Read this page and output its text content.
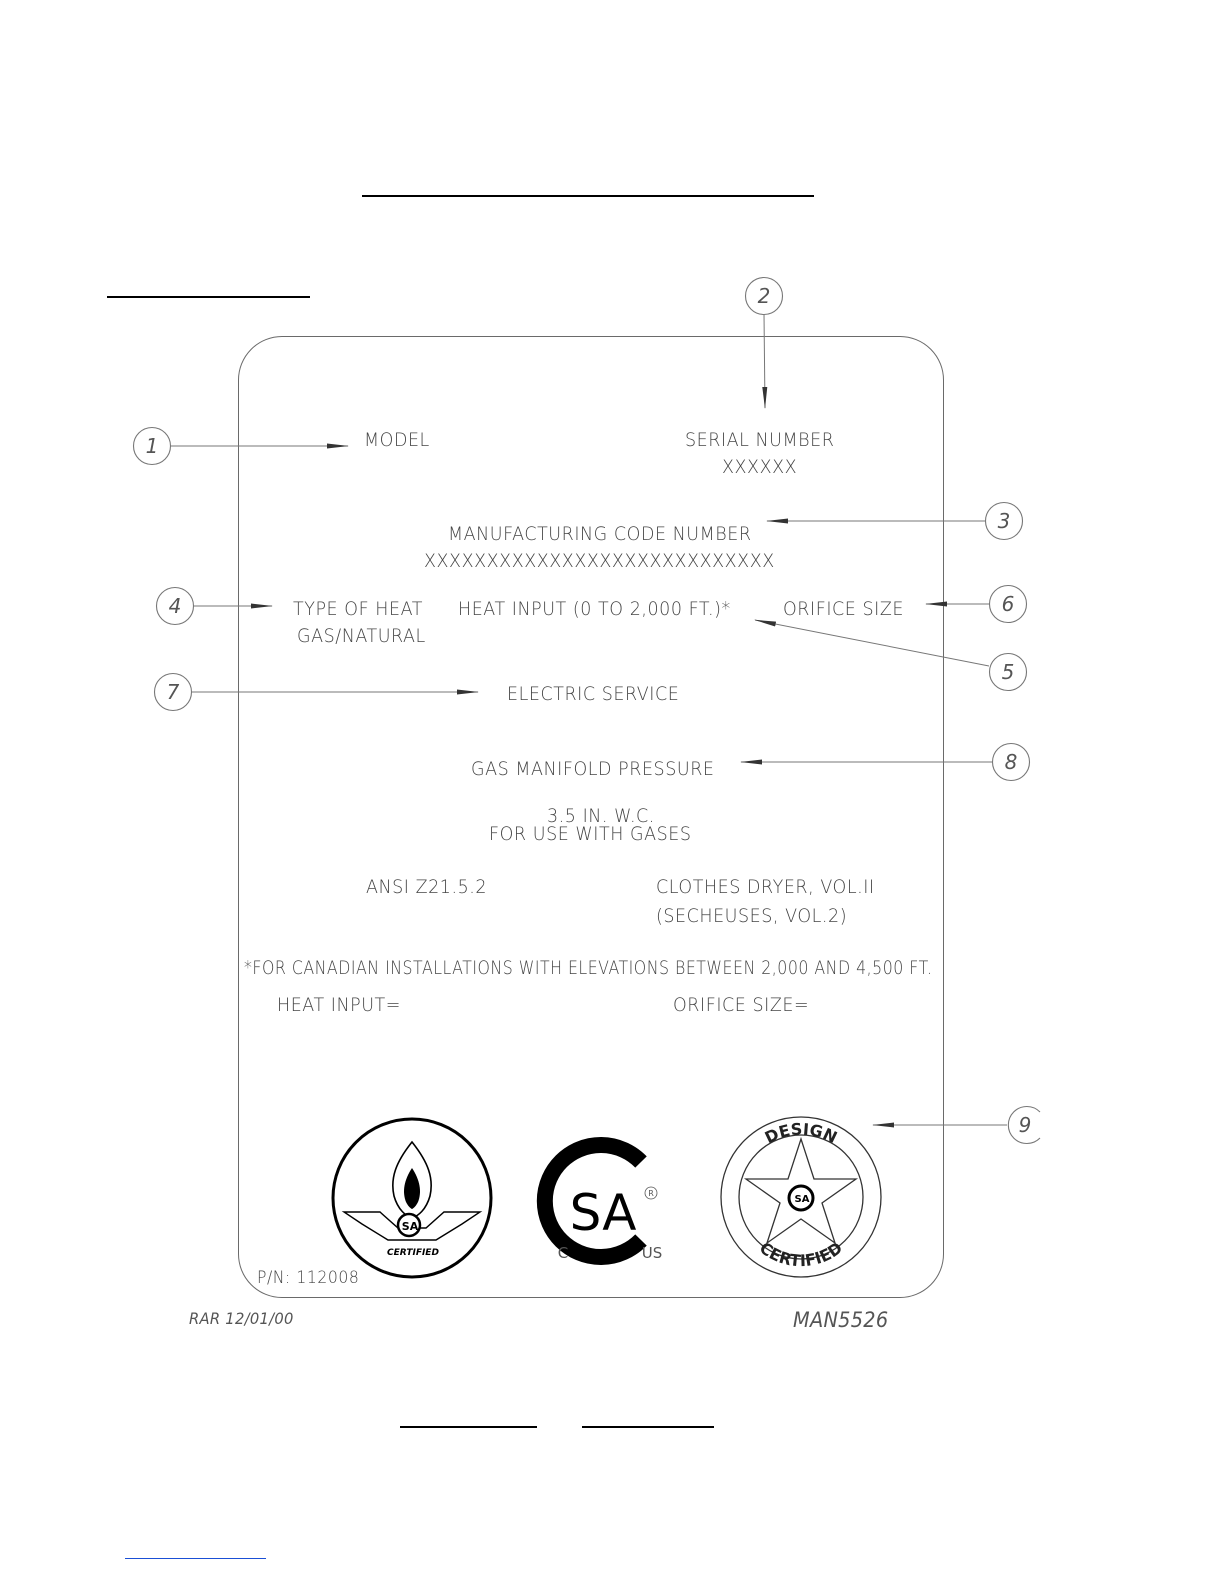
MODEL	SERIAL NUMBER
XXXXXX
MANUFACTURING CODE NUMBER
XXXXXXXXXXXXXXXXXXXXXXXXXXXX
TYPE OF HEAT
GAS/NATURAL
HEAT INPUT (0 TO 2,000 FT.)*	ORIFICE SIZE
ELECTRIC SERVICE
GAS MANIFOLD PRESSURE
3.5 IN. W.C.
FOR USE WITH GASES
ANSI Z21.5.2	CLOTHES DRYER, VOL.II
(SECHEUSES, VOL.2)
*FOR CANADIAN INSTALLATIONS WITH ELEVATIONS BETWEEN 2,000 AND 4,500 FT.
HEAT INPUT=	ORIFICE SIZE=
P/N: 112008
RAR 12/01/00	MAN5526
1
2
3
4
5
6
7
8
9
SA
CERTIFIED
SA R
C	US
SA
DESIGN
CERTIFIED
